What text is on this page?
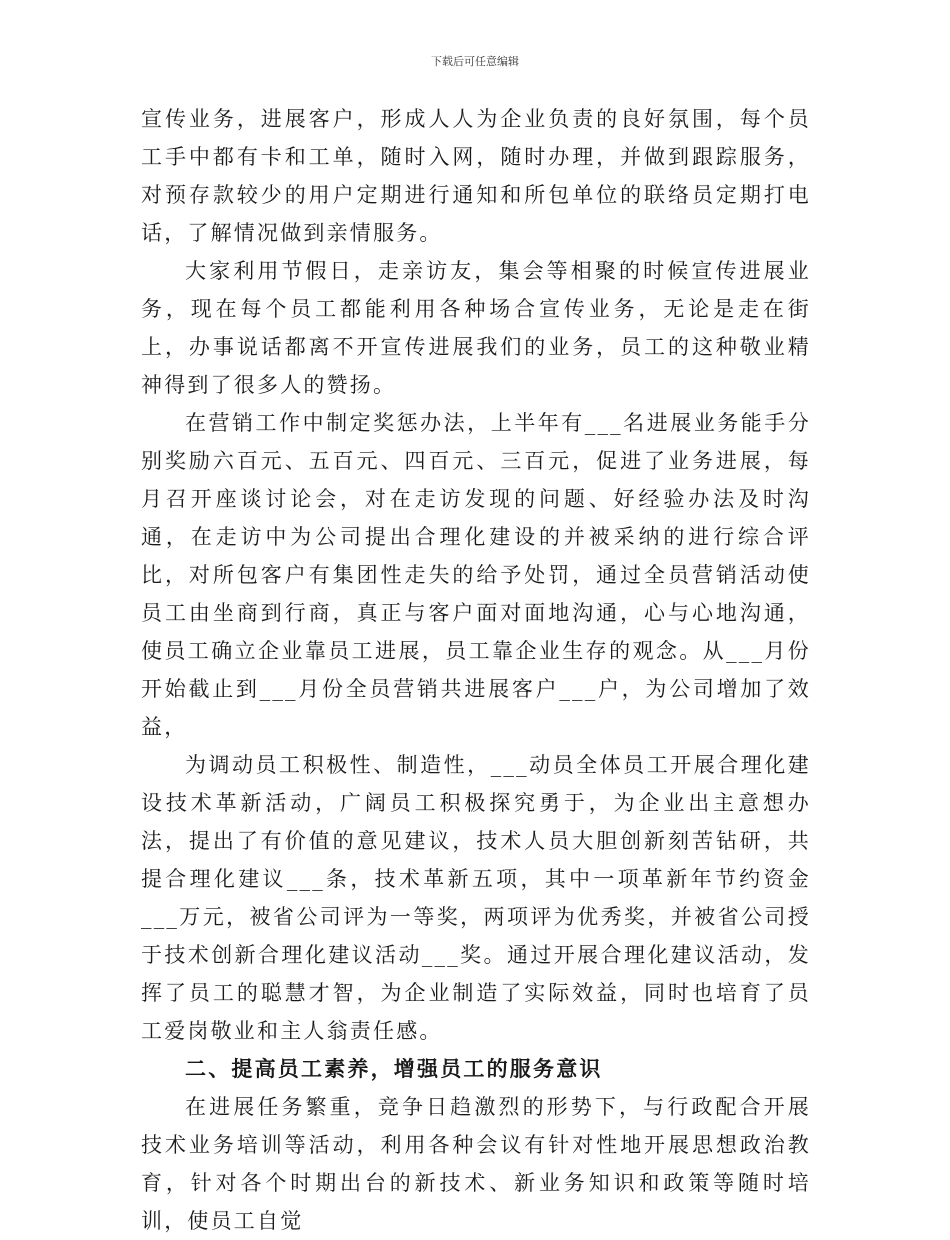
下载后可任意编辑

宣传业务，进展客户，形成人人为企业负责的良好氛围，每个员工手中都有卡和工单，随时入网，随时办理，并做到跟踪服务，对预存款较少的用户定期进行通知和所包单位的联络员定期打电话，了解情况做到亲情服务。

大家利用节假日，走亲访友，集会等相聚的时候宣传进展业务，现在每个员工都能利用各种场合宣传业务，无论是走在街上，办事说话都离不开宣传进展我们的业务，员工的这种敬业精神得到了很多人的赞扬。

在营销工作中制定奖惩办法，上半年有___名进展业务能手分别奖励六百元、五百元、四百元、三百元，促进了业务进展，每月召开座谈讨论会，对在走访发现的问题、好经验办法及时沟通，在走访中为公司提出合理化建设的并被采纳的进行综合评比，对所包客户有集团性走失的给予处罚，通过全员营销活动使员工由坐商到行商，真正与客户面对面地沟通，心与心地沟通，使员工确立企业靠员工进展，员工靠企业生存的观念。从___月份开始截止到___月份全员营销共进展客户___户，为公司增加了效益，

为调动员工积极性、制造性，___动员全体员工开展合理化建设技术革新活动，广阔员工积极探究勇于，为企业出主意想办法，提出了有价值的意见建议，技术人员大胆创新刻苦钻研，共提合理化建议___条，技术革新五项，其中一项革新年节约资金___万元，被省公司评为一等奖，两项评为优秀奖，并被省公司授于技术创新合理化建议活动___奖。通过开展合理化建议活动，发挥了员工的聪慧才智，为企业制造了实际效益，同时也培育了员工爱岗敬业和主人翁责任感。

二、提高员工素养，增强员工的服务意识

在进展任务繁重，竞争日趋激烈的形势下，与行政配合开展技术业务培训等活动，利用各种会议有针对性地开展思想政治教育，针对各个时期出台的新技术、新业务知识和政策等随时培训，使员工自觉
